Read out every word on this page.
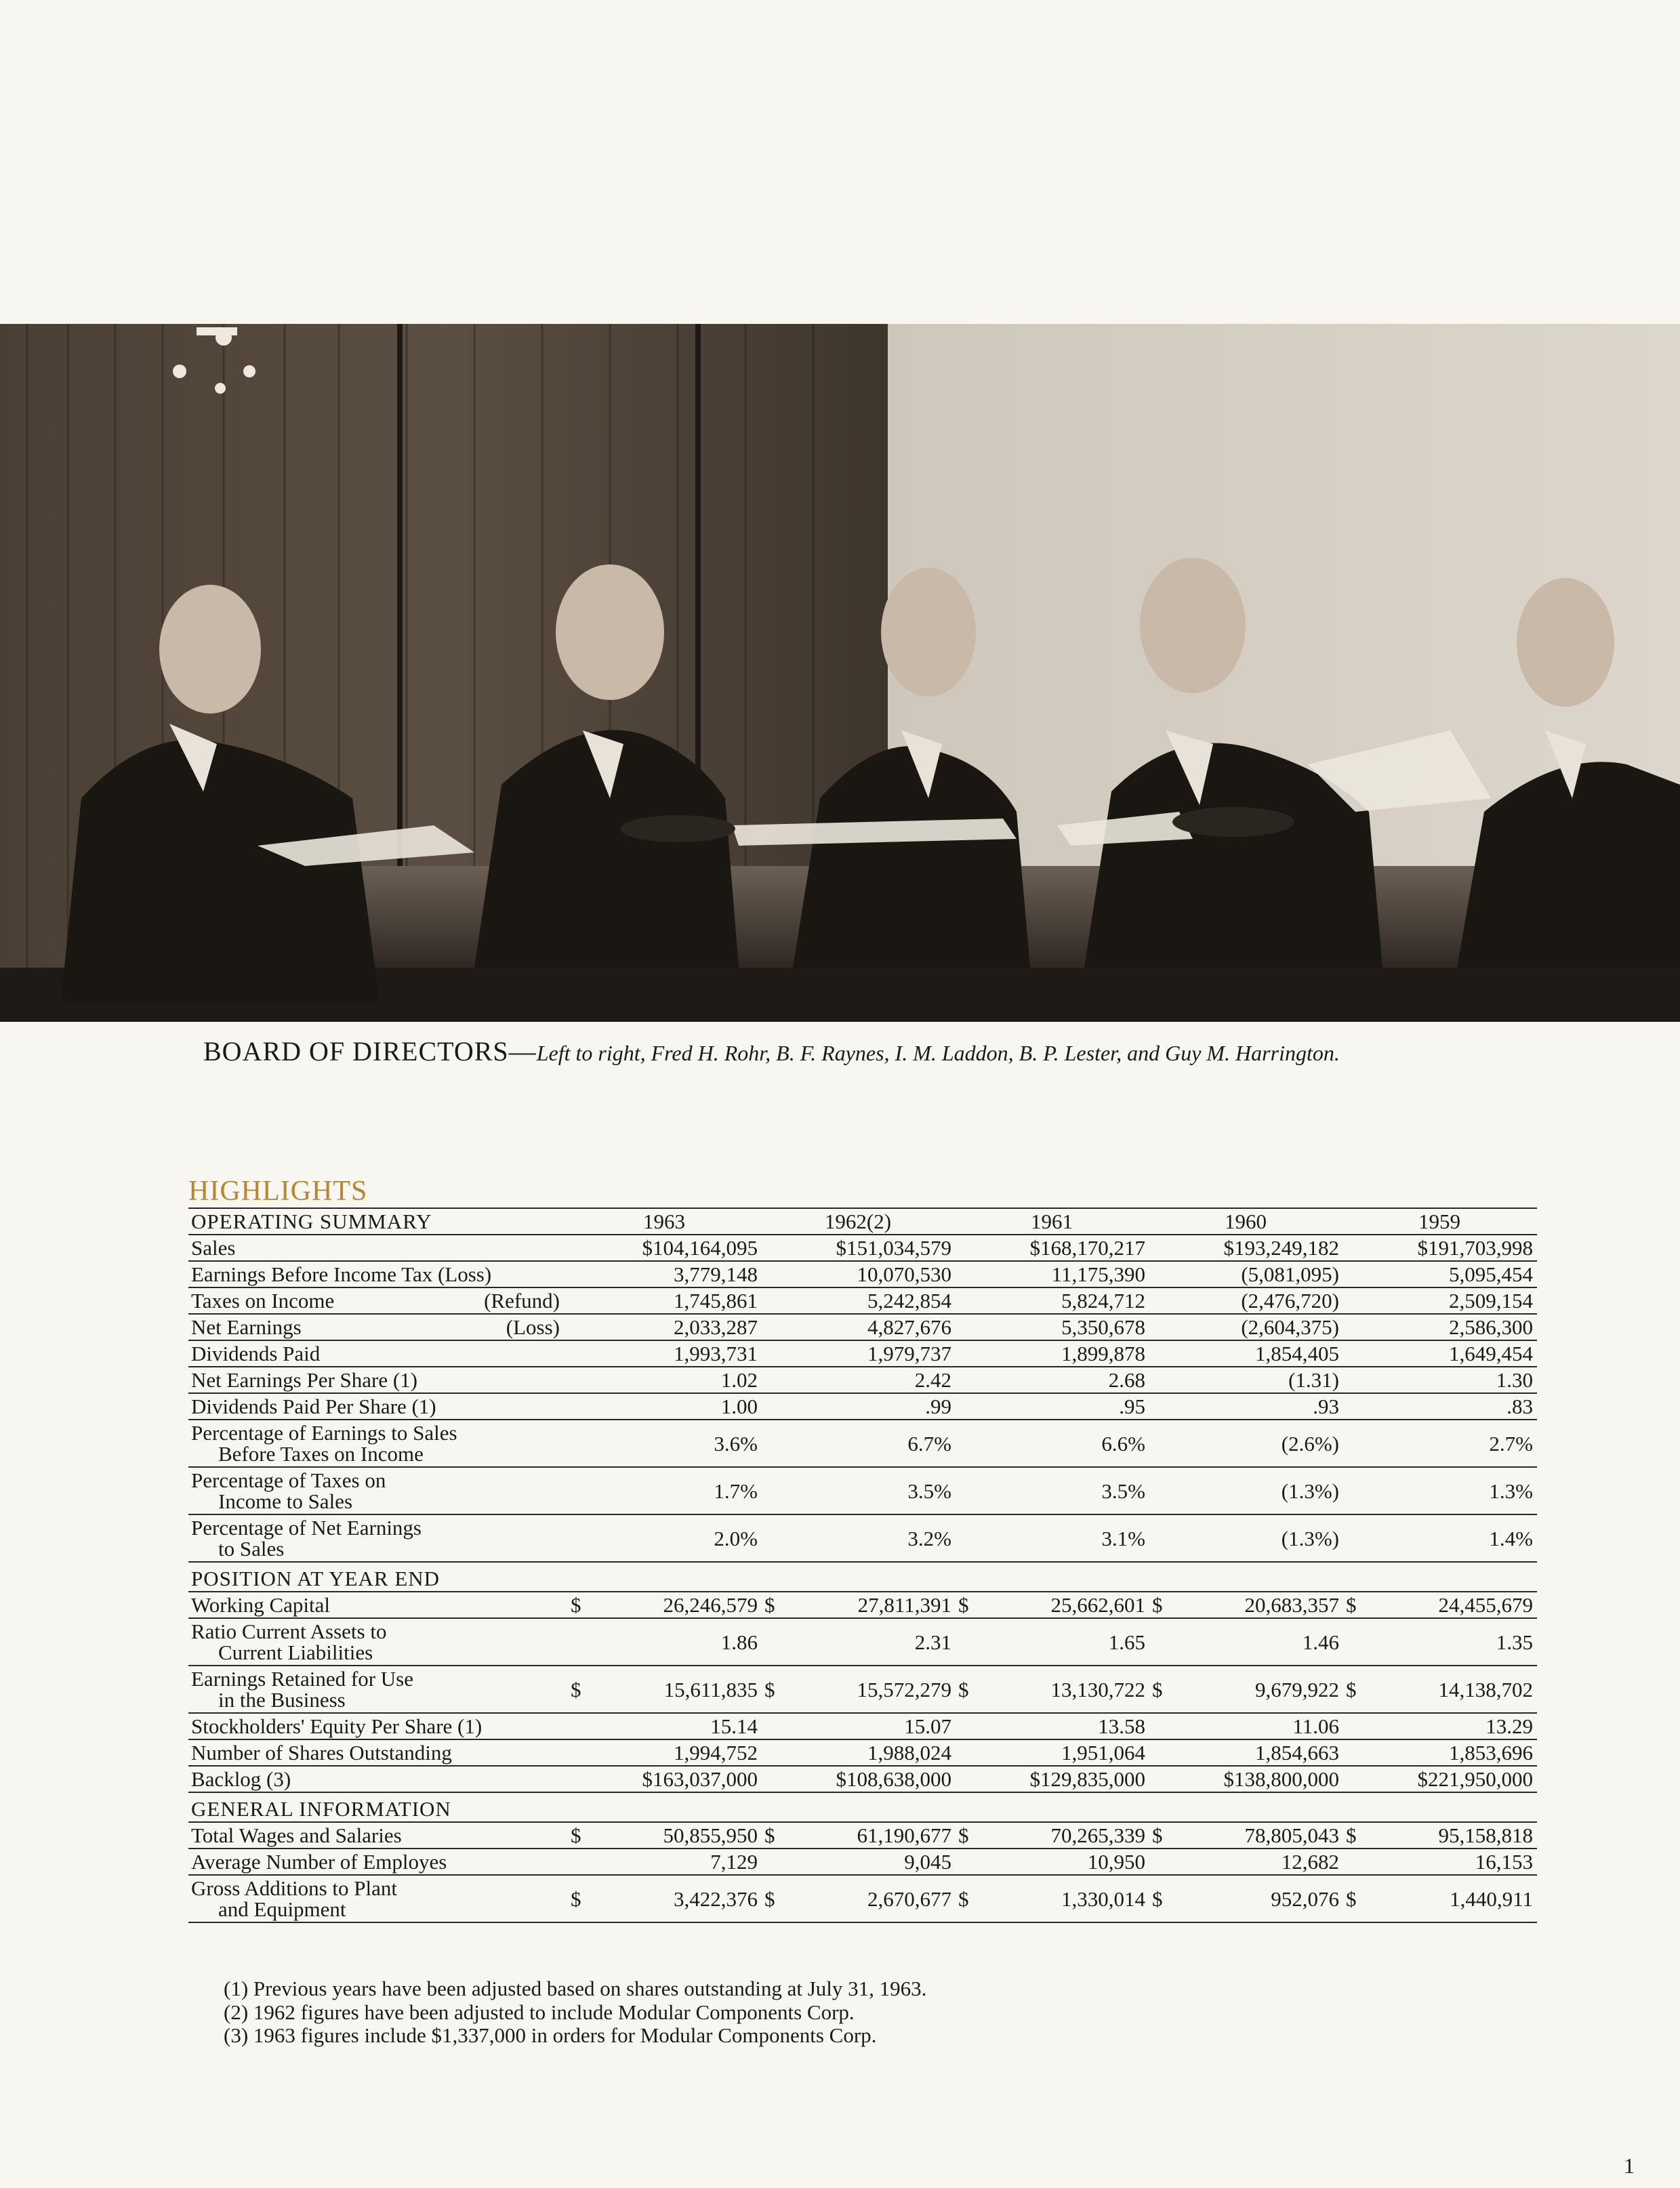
BOARD OF DIRECTORS—Left to right, Fred H. Rohr, B. F. Raynes, I. M. Laddon, B. P. Lester, and Guy M. Harrington.
HIGHLIGHTS
OPERATING SUMMARY	1963	1962(2)	1961	1960	1959

Sales	$104,164,095	$151,034,579	$168,170,217	$193,249,182	$191,703,998

Earnings Before Income Tax (Loss)	3,779,148	10,070,530	11,175,390	(5,081,095)	5,095,454

Taxes on Income (Refund)	1,745,861	5,242,854	5,824,712	(2,476,720)	2,509,154

Net Earnings (Loss)	2,033,287	4,827,676	5,350,678	(2,604,375)	2,586,300

Dividends Paid	1,993,731	1,979,737	1,899,878	1,854,405	1,649,454

Net Earnings Per Share (1)	1.02	2.42	2.68	(1.31)	1.30

Dividends Paid Per Share (1)	1.00	.99	.95	.93	.83
Percentage of Earnings to Sales
Before Taxes on Income	3.6%	6.7%	6.6%	(2.6%)	2.7%
Percentage of Taxes on
Income to Sales	1.7%	3.5%	3.5%	(1.3%)	1.3%
Percentage of Net Earnings
to Sales	2.0%	3.2%	3.1%	(1.3%)	1.4%
POSITION AT YEAR END					
Working Capital	$ 26,246,579	$ 27,811,391	$ 25,662,601	$ 20,683,357	$ 24,455,679

Ratio Current Assets to
Current Liabilities	1.86	2.31	1.65	1.46	1.35
Earnings Retained for Use
in the Business	$ 15,611,835	$ 15,572,279	$ 13,130,722	$ 9,679,922	$ 14,138,702

Stockholders' Equity Per Share (1)	15.14	15.07	13.58	11.06	13.29
Number of Shares Outstanding	1,994,752	1,988,024	1,951,064	1,854,663	1,853,696
Backlog (3)	$163,037,000	$108,638,000	$129,835,000	$138,800,000	$221,950,000
GENERAL INFORMATION					
Total Wages and Salaries	$ 50,855,950	$ 61,190,677	$ 70,265,339	$ 78,805,043	$ 95,158,818

Average Number of Employes	7,129	9,045	10,950	12,682	16,153
Gross Additions to Plant
and Equipment	$ 3,422,376	$ 2,670,677	$ 1,330,014	$ 952,076	$ 1,440,911
(1) Previous years have been adjusted based on shares outstanding at July 31, 1963.
(2) 1962 figures have been adjusted to include Modular Components Corp.
(3) 1963 figures include $1,337,000 in orders for Modular Components Corp.
1
